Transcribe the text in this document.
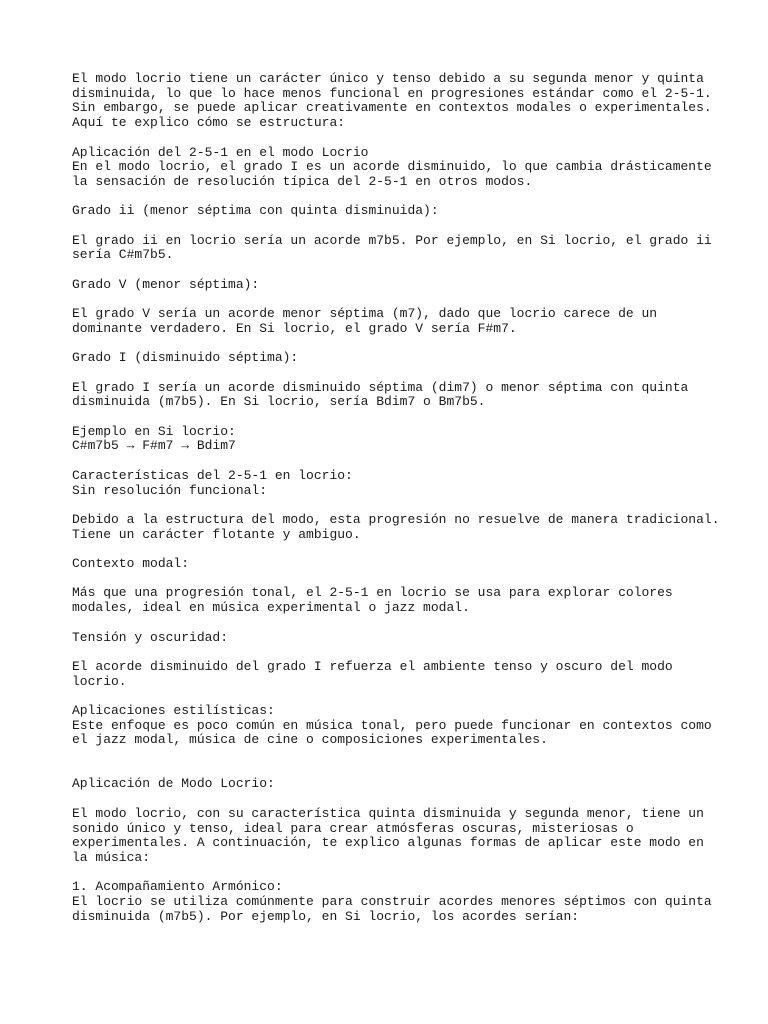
El modo locrio tiene un carácter único y tenso debido a su segunda menor y quinta
disminuida, lo que lo hace menos funcional en progresiones estándar como el 2-5-1.
Sin embargo, se puede aplicar creativamente en contextos modales o experimentales.
Aquí te explico cómo se estructura:
Aplicación del 2-5-1 en el modo Locrio
En el modo locrio, el grado I es un acorde disminuido, lo que cambia drásticamente
la sensación de resolución típica del 2-5-1 en otros modos.
Grado ii (menor séptima con quinta disminuida):
El grado ii en locrio sería un acorde m7b5. Por ejemplo, en Si locrio, el grado ii
sería C#m7b5.
Grado V (menor séptima):
El grado V sería un acorde menor séptima (m7), dado que locrio carece de un
dominante verdadero. En Si locrio, el grado V sería F#m7.
Grado I (disminuido séptima):
El grado I sería un acorde disminuido séptima (dim7) o menor séptima con quinta
disminuida (m7b5). En Si locrio, sería Bdim7 o Bm7b5.
Ejemplo en Si locrio:
C#m7b5 → F#m7 → Bdim7
Características del 2-5-1 en locrio:
Sin resolución funcional:
Debido a la estructura del modo, esta progresión no resuelve de manera tradicional.
Tiene un carácter flotante y ambiguo.
Contexto modal:
Más que una progresión tonal, el 2-5-1 en locrio se usa para explorar colores
modales, ideal en música experimental o jazz modal.
Tensión y oscuridad:
El acorde disminuido del grado I refuerza el ambiente tenso y oscuro del modo
locrio.
Aplicaciones estilísticas:
Este enfoque es poco común en música tonal, pero puede funcionar en contextos como
el jazz modal, música de cine o composiciones experimentales.
Aplicación de Modo Locrio:
El modo locrio, con su característica quinta disminuida y segunda menor, tiene un
sonido único y tenso, ideal para crear atmósferas oscuras, misteriosas o
experimentales. A continuación, te explico algunas formas de aplicar este modo en
la música:
1. Acompañamiento Armónico:
El locrio se utiliza comúnmente para construir acordes menores séptimos con quinta
disminuida (m7b5). Por ejemplo, en Si locrio, los acordes serían:
